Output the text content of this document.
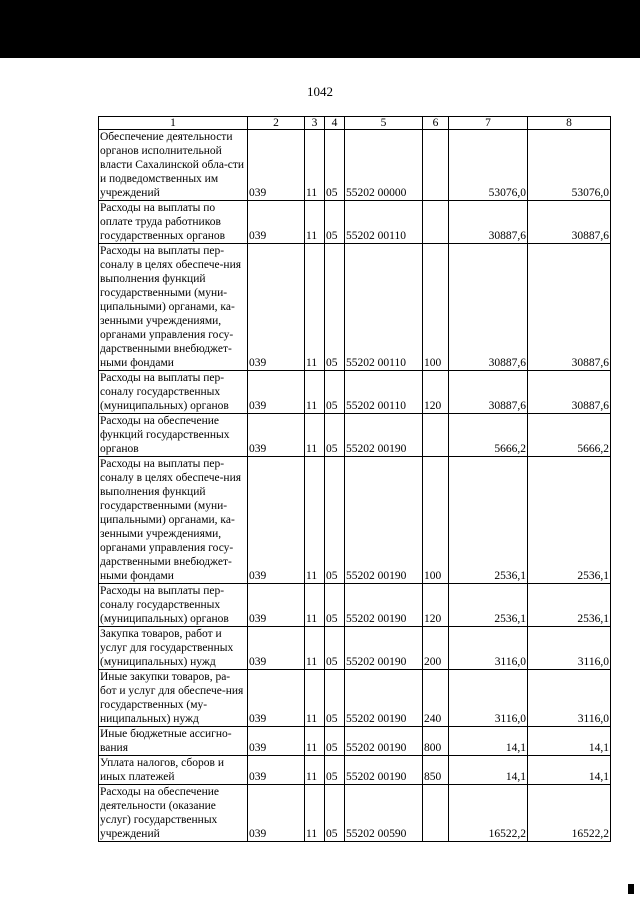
1042
1	2	3	4	5	6	7	8
Обеспечение деятельности органов исполнительной власти Сахалинской обла-сти и подведомственных им учреждений	039	11	05	55202 00000		53076,0	53076,0
Расходы на выплаты по оплате труда работников государственных органов	039	11	05	55202 00110		30887,6	30887,6
Расходы на выплаты пер-соналу в целях обеспече-ния выполнения функций государственными (муни-ципальными) органами, ка-зенными учреждениями, органами управления госу-дарственными внебюджет-ными фондами	039	11	05	55202 00110	100	30887,6	30887,6
Расходы на выплаты пер-соналу государственных (муниципальных) органов	039	11	05	55202 00110	120	30887,6	30887,6
Расходы на обеспечение функций государственных органов	039	11	05	55202 00190		5666,2	5666,2
Расходы на выплаты пер-соналу в целях обеспече-ния выполнения функций государственными (муни-ципальными) органами, ка-зенными учреждениями, органами управления госу-дарственными внебюджет-ными фондами	039	11	05	55202 00190	100	2536,1	2536,1
Расходы на выплаты пер-соналу государственных (муниципальных) органов	039	11	05	55202 00190	120	2536,1	2536,1
Закупка товаров, работ и услуг для государственных (муниципальных) нужд	039	11	05	55202 00190	200	3116,0	3116,0
Иные закупки товаров, ра-бот и услуг для обеспече-ния государственных (му-ниципальных) нужд	039	11	05	55202 00190	240	3116,0	3116,0
Иные бюджетные ассигно-вания	039	11	05	55202 00190	800	14,1	14,1
Уплата налогов, сборов и иных платежей	039	11	05	55202 00190	850	14,1	14,1
Расходы на обеспечение деятельности (оказание услуг) государственных учреждений	039	11	05	55202 00590		16522,2	16522,2
